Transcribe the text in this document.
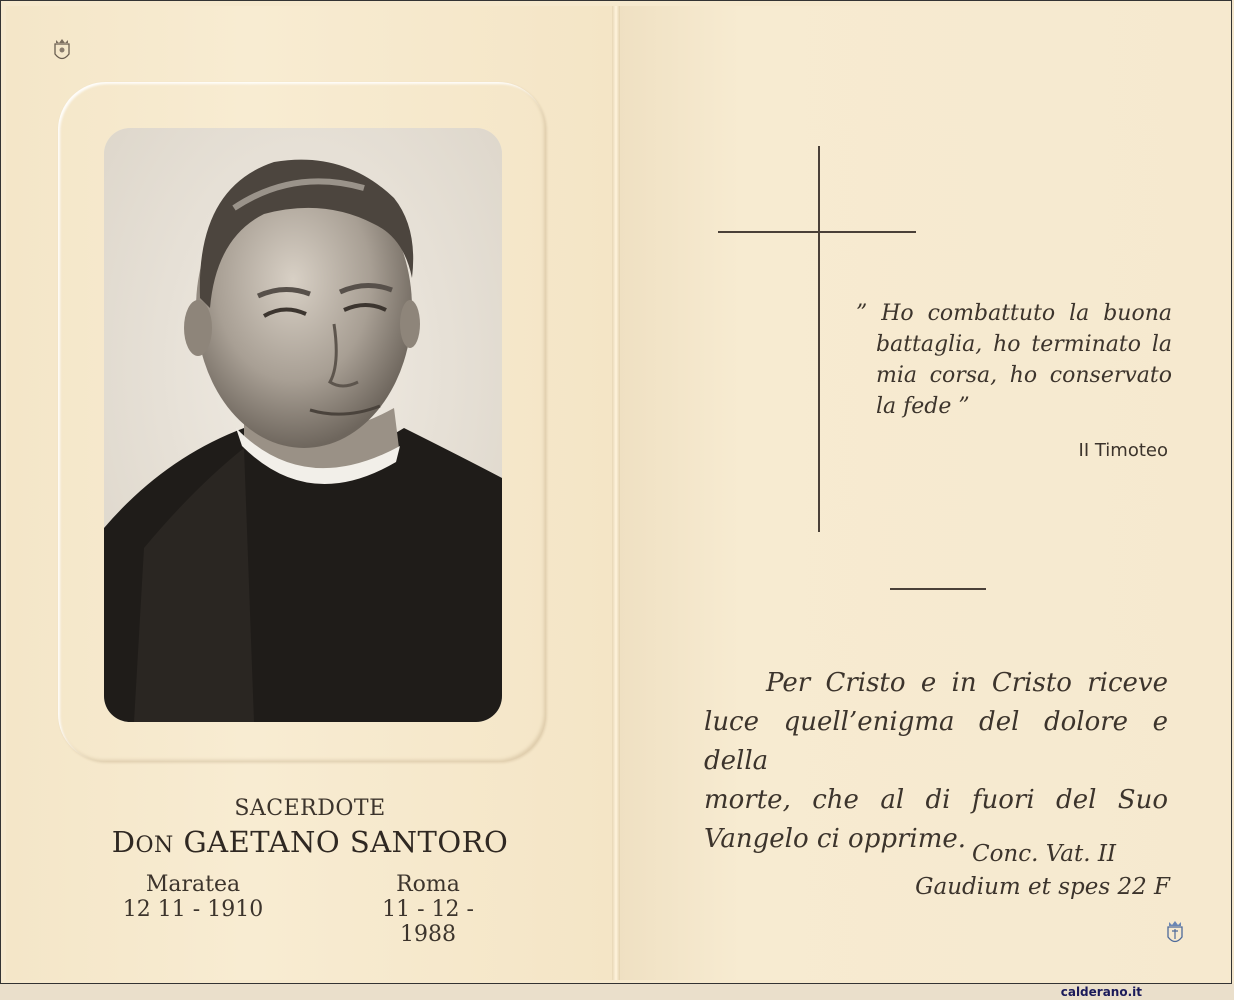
SACERDOTE
DON GAETANO SANTORO
Maratea
12 11 - 1910
Roma
11 - 12 - 1988
” Ho combattuto la buona
battaglia, ho terminato la
mia corsa, ho conservato
la fede ”
II Timoteo
Per Cristo e in Cristo riceve
luce quell’enigma del dolore e della
morte, che al di fuori del Suo
Vangelo ci opprime. Conc. Vat. II
Gaudium et spes 22 F
calderano.it
